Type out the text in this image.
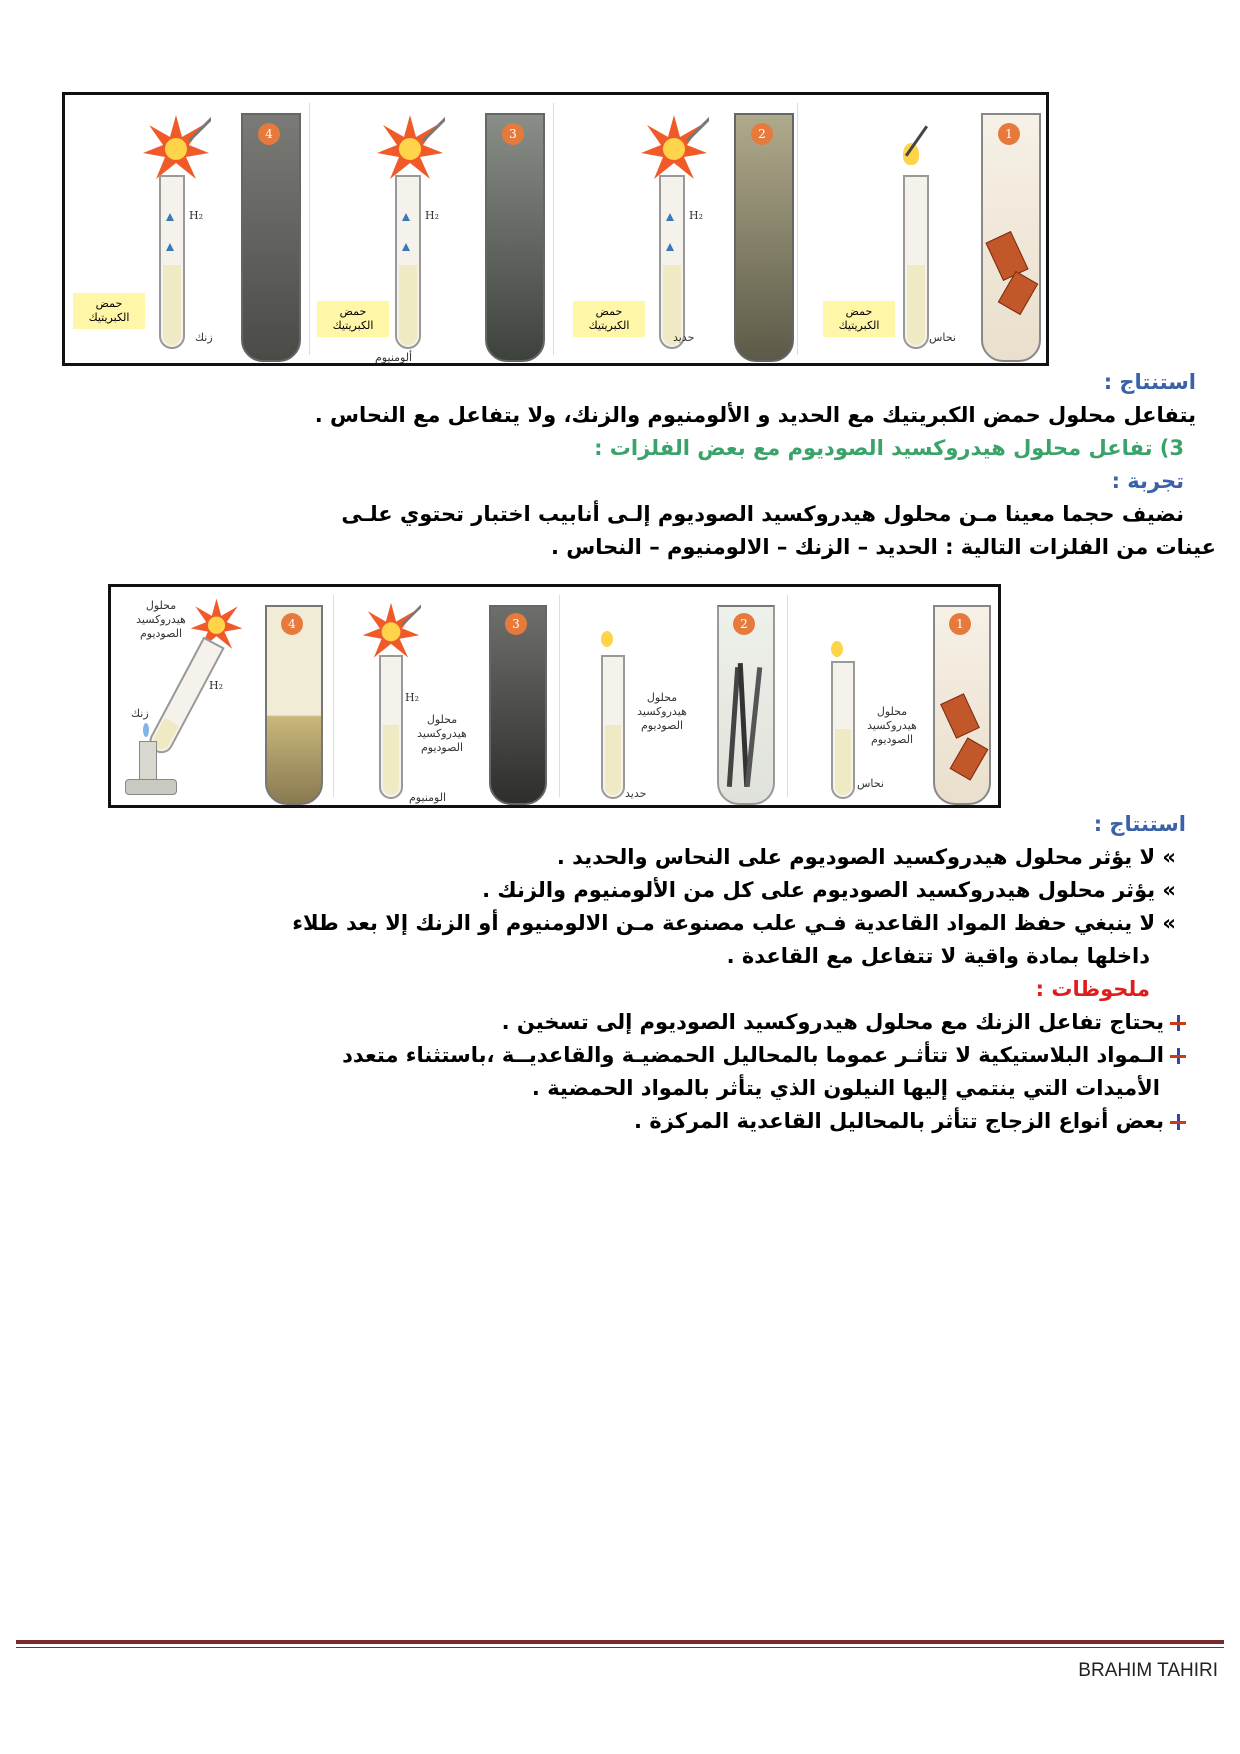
Boum
H₂
حمض الكبريتيك
زنك
4
H₂
حمض الكبريتيك
ألومنيوم
3
H₂
حمض الكبريتيك
حديد
2
حمض الكبريتيك
نحاس
1
استنتاج :
يتفاعل محلول حمض الكبريتيك مع الحديد و الألومنيوم والزنك، ولا يتفاعل مع النحاس .
3) تفاعل محلول هيدروكسيد الصوديوم مع بعض الفلزات :
تجربة :
نضيف حجما معينا مـن محلول هيدروكسيد الصوديوم إلـى أنابيب اختبار تحتوي علـى
عينات من الفلزات التالية : الحديد – الزنك – الالومنيوم – النحاس .
محلول هيدروكسيد الصوديوم
H₂
زنك
4
H₂
محلول هيدروكسيد الصوديوم
الومنيوم
3
محلول هيدروكسيد الصوديوم
حديد
2
محلول هيدروكسيد الصوديوم
نحاس
1
استنتاج :
» لا يؤثر محلول هيدروكسيد الصوديوم على النحاس والحديد .
» يؤثر محلول هيدروكسيد الصوديوم على كل من الألومنيوم والزنك .
» لا ينبغي حفظ المواد القاعدية فـي علب مصنوعة مـن الالومنيوم أو الزنك إلا بعد طلاء
داخلها بمادة واقية لا تتفاعل مع القاعدة .
ملحوظات :
يحتاج تفاعل الزنك مع محلول هيدروكسيد الصوديوم إلى تسخين .
الـمواد البلاستيكية لا تتأثـر عموما بالمحاليل الحمضيـة والقاعديــة ،باستثناء متعدد
الأميدات التي ينتمي إليها النيلون الذي يتأثر بالمواد الحمضية .
بعض أنواع الزجاج تتأثر بالمحاليل القاعدية المركزة .
BRAHIM TAHIRI
